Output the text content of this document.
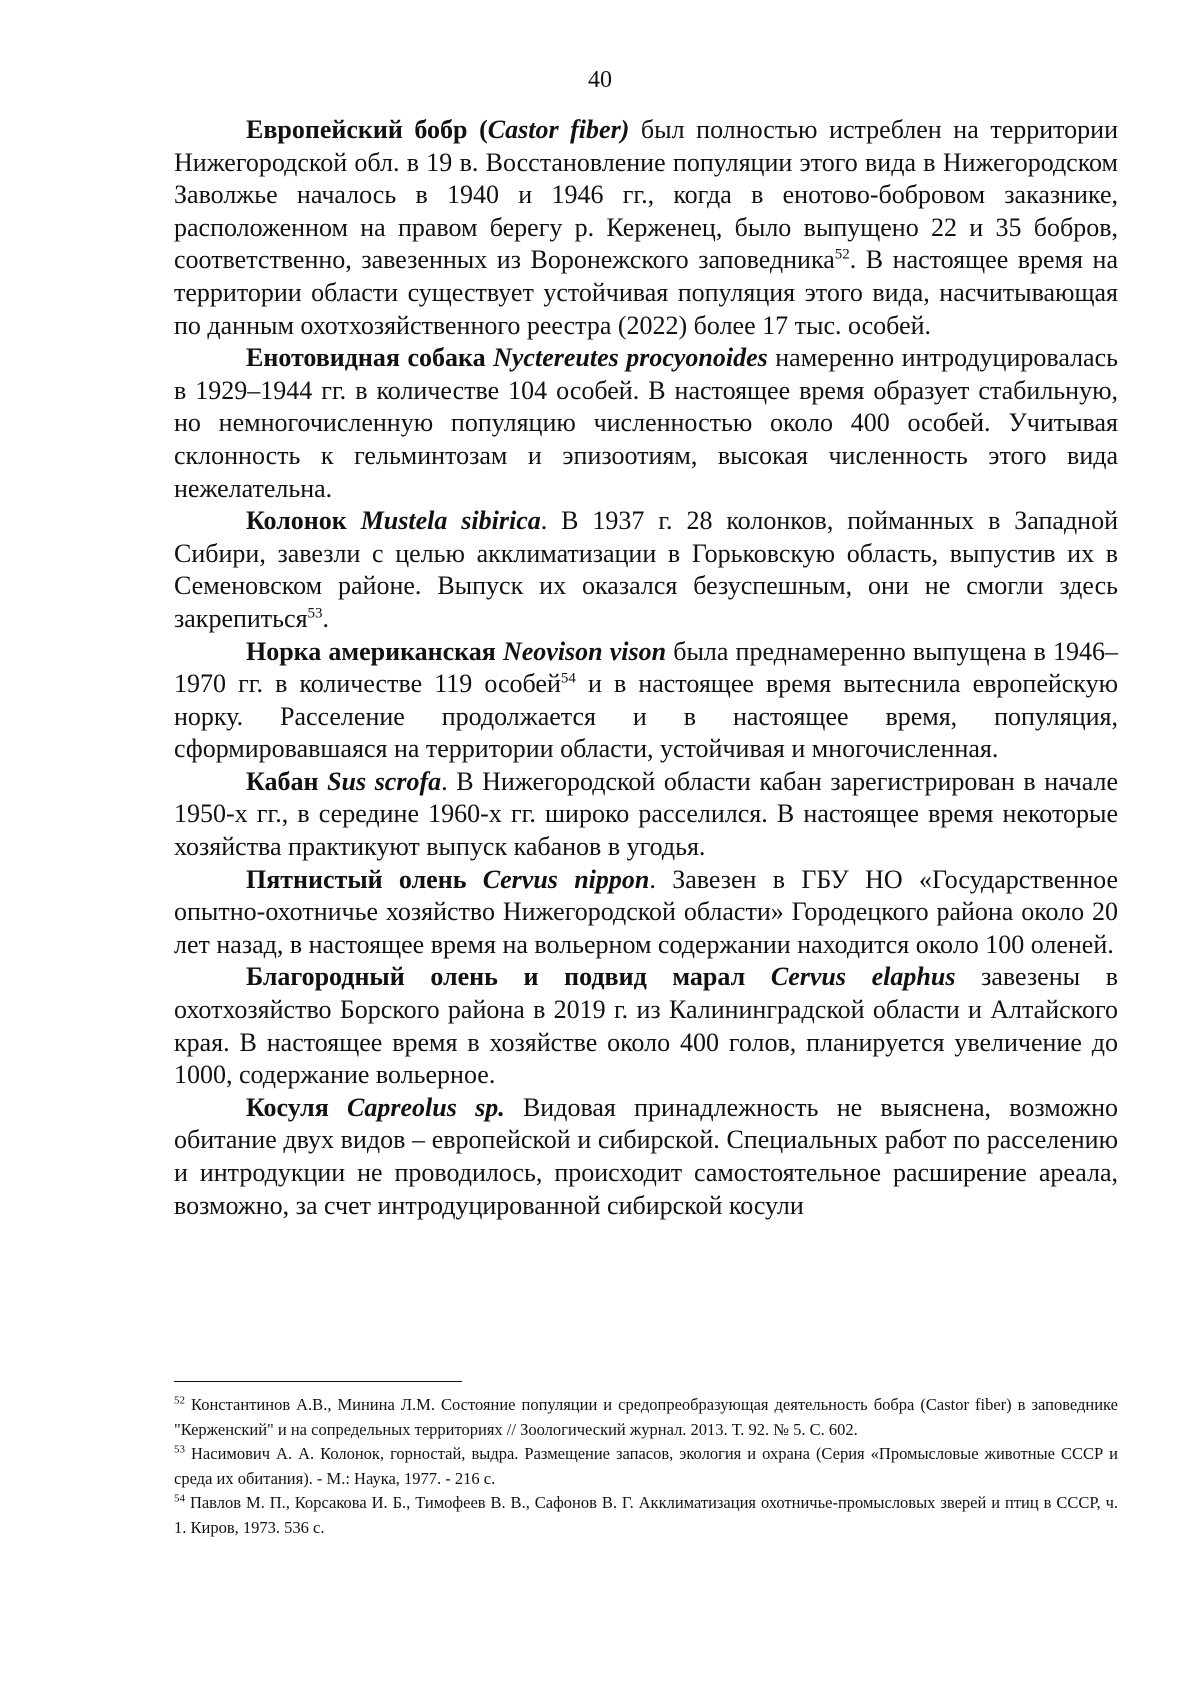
40

Европейский бобр (Castor fiber) был полностью истреблен на территории Нижегородской обл. в 19 в. Восстановление популяции этого вида в Нижегородском Заволжье началось в 1940 и 1946 гг., когда в енотово-бобровом заказнике, расположенном на правом берегу р. Керженец, было выпущено 22 и 35 бобров, соответственно, завезенных из Воронежского заповедника$^{52}$. В настоящее время на территории области существует устойчивая популяция этого вида, насчитывающая по данным охотхозяйственного реестра (2022) более 17 тыс. особей.

Енотовидная собака Nyctereutes procyonoides намеренно интродуцировалась в 1929–1944 гг. в количестве 104 особей. В настоящее время образует стабильную, но немногочисленную популяцию численностью около 400 особей. Учитывая склонность к гельминтозам и эпизоотиям, высокая численность этого вида нежелательна.

Колонок Mustela sibirica. В 1937 г. 28 колонков, пойманных в Западной Сибири, завезли с целью акклиматизации в Горьковскую область, выпустив их в Семеновском районе. Выпуск их оказался безуспешным, они не смогли здесь закрепиться$^{53}$.

Норка американская Neovison vison была преднамеренно выпущена в 1946–1970 гг. в количестве 119 особей$^{54}$ и в настоящее время вытеснила европейскую норку. Расселение продолжается и в настоящее время, популяция, сформировавшаяся на территории области, устойчивая и многочисленная.

Кабан Sus scrofa. В Нижегородской области кабан зарегистрирован в начале 1950-х гг., в середине 1960-х гг. широко расселился. В настоящее время некоторые хозяйства практикуют выпуск кабанов в угодья.

Пятнистый олень Cervus nippon. Завезен в ГБУ НО «Государственное опытно-охотничье хозяйство Нижегородской области» Городецкого района около 20 лет назад, в настоящее время на вольерном содержании находится около 100 оленей.

Благородный олень и подвид марал Cervus elaphus завезены в охотхозяйство Борского района в 2019 г. из Калининградской области и Алтайского края. В настоящее время в хозяйстве около 400 голов, планируется увеличение до 1000, содержание вольерное.

Косуля Capreolus sp. Видовая принадлежность не выяснена, возможно обитание двух видов – европейской и сибирской. Специальных работ по расселению и интродукции не проводилось, происходит самостоятельное расширение ареала, возможно, за счет интродуцированной сибирской косули

$^{52}$ Константинов А.В., Минина Л.М. Состояние популяции и средопреобразующая деятельность бобра (Castor fiber) в заповеднике "Керженский" и на сопредельных территориях // Зоологический журнал. 2013. Т. 92. № 5. С. 602.

$^{53}$ Насимович А. А. Колонок, горностай, выдра. Размещение запасов, экология и охрана (Серия «Промысловые животные СССР и среда их обитания). - М.: Наука, 1977. - 216 с.

$^{54}$ Павлов М. П., Корсакова И. Б., Тимофеев В. В., Сафонов В. Г. Акклиматизация охотничье-промысловых зверей и птиц в СССР, ч. 1. Киров, 1973. 536 с.
